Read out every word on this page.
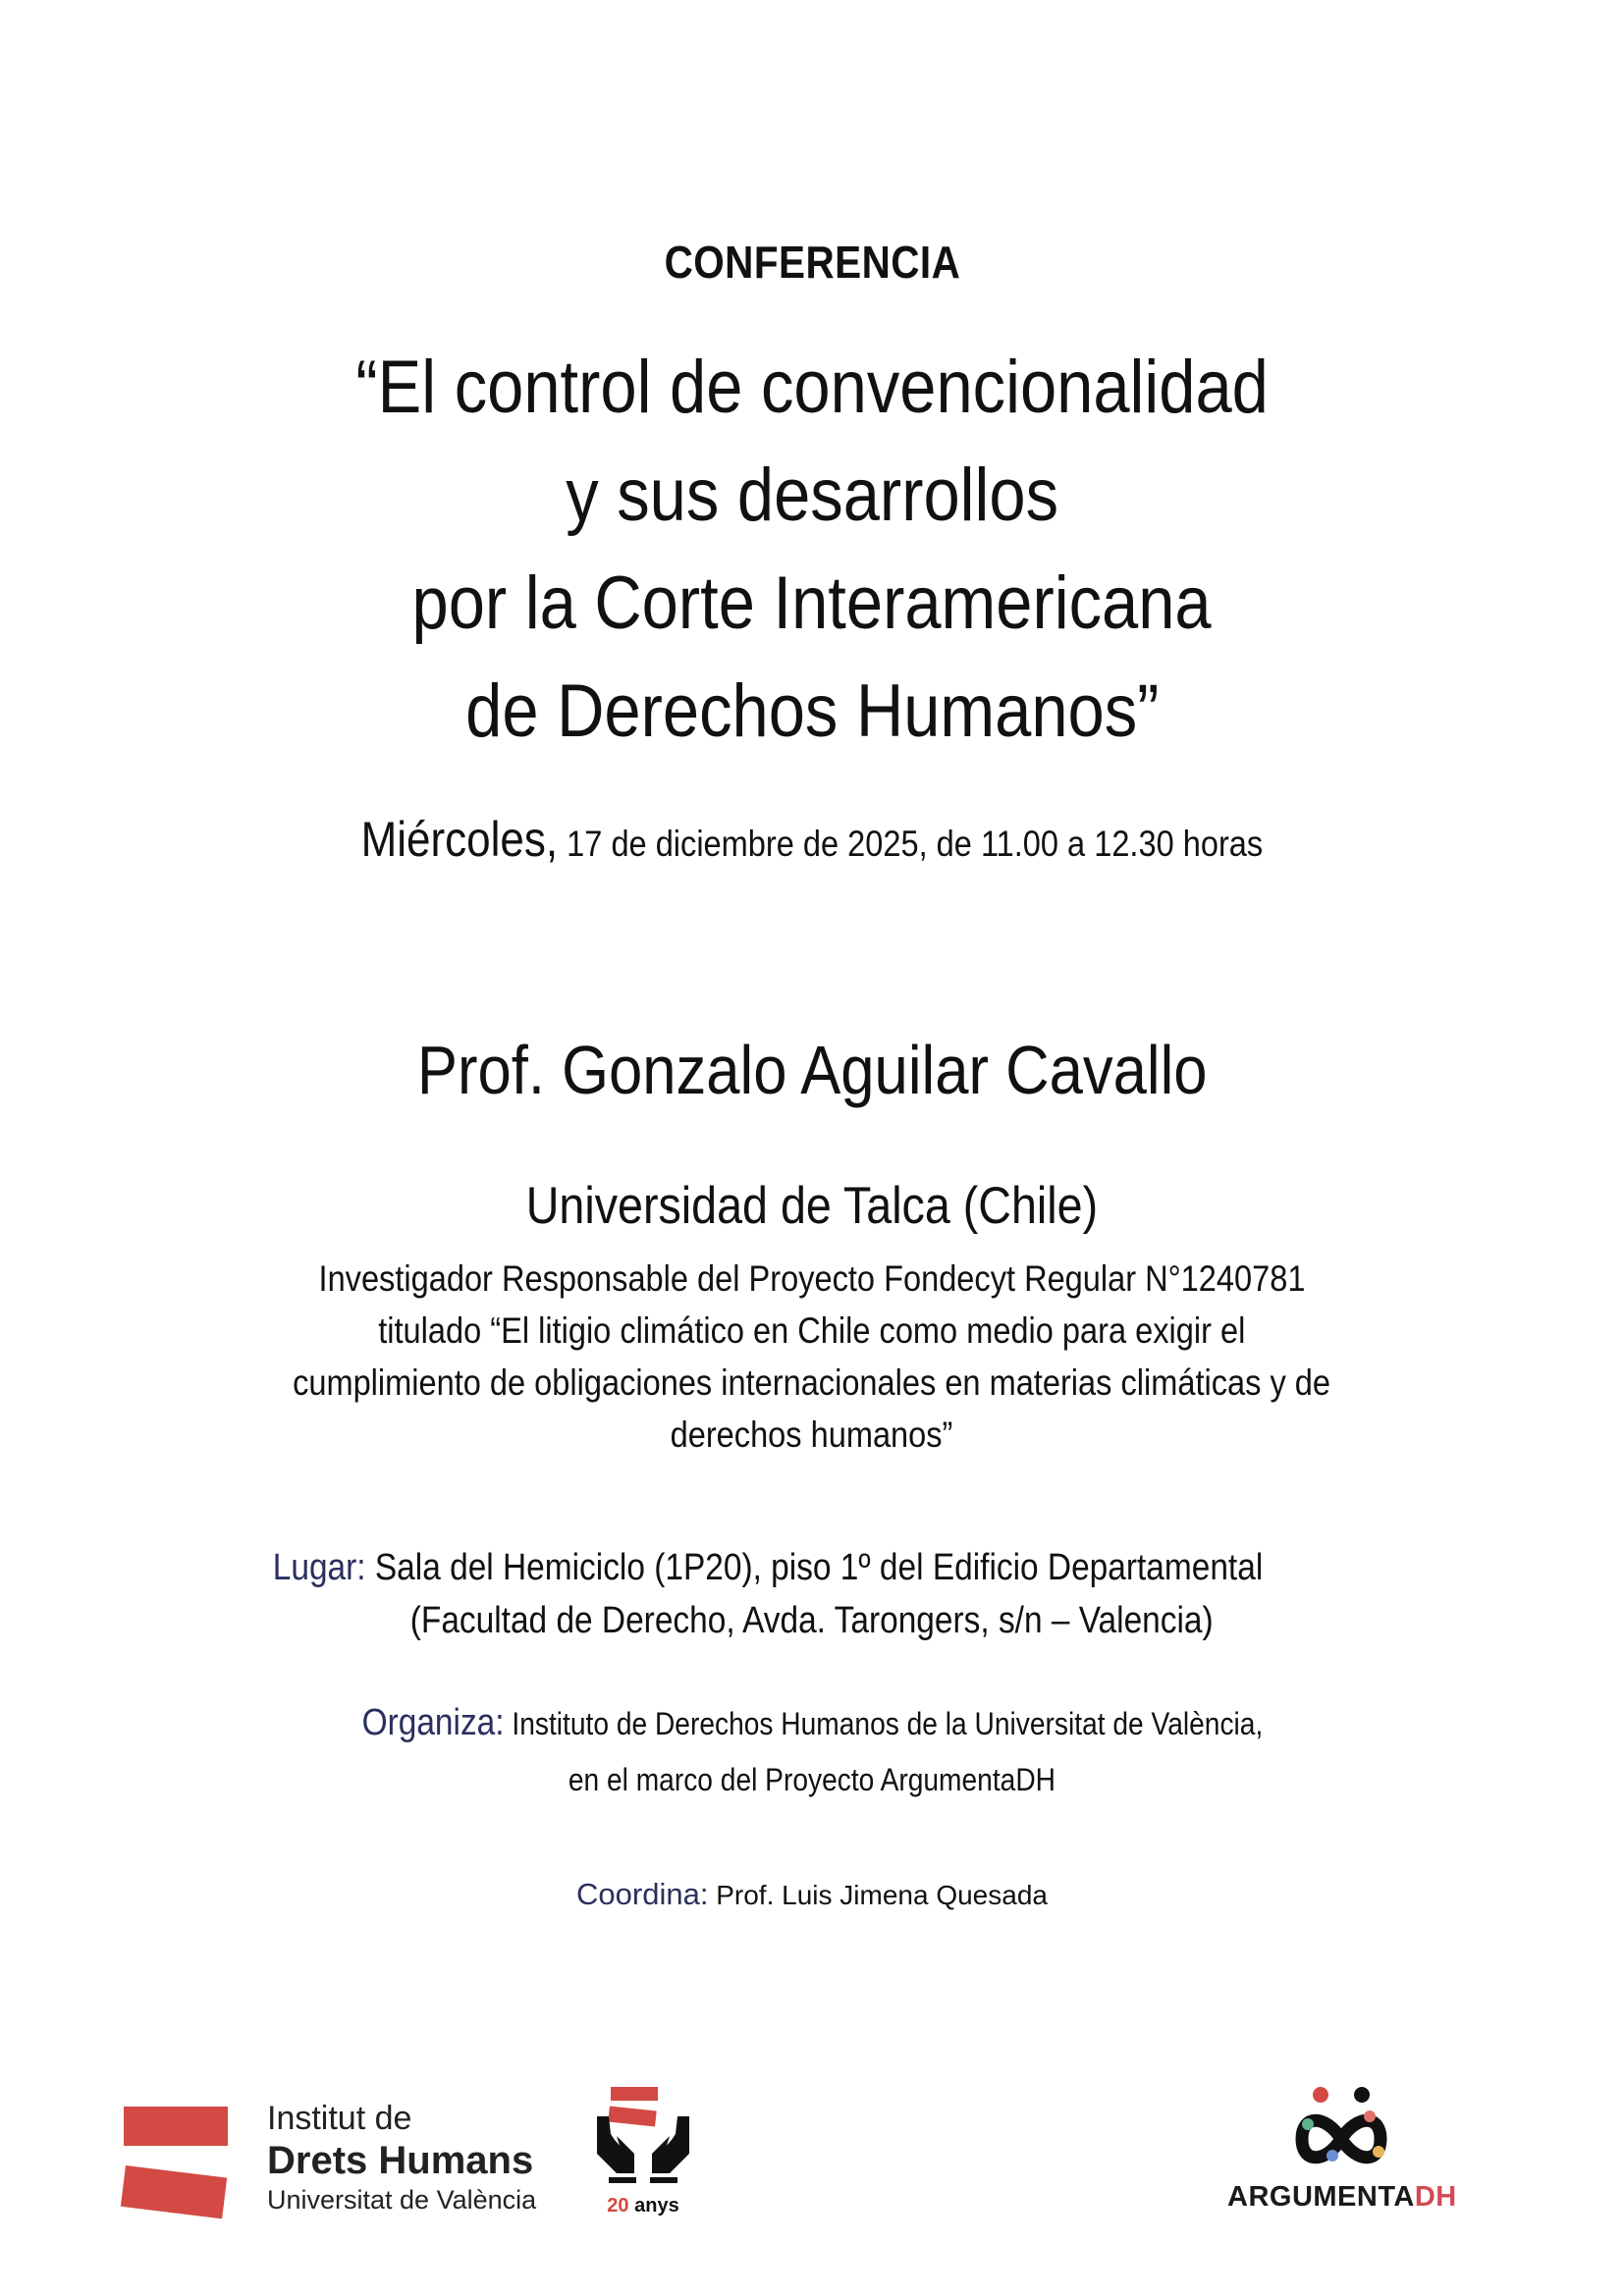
CONFERENCIA
“El control de convencionalidad
y sus desarrollos
por la Corte Interamericana
de Derechos Humanos”
Miércoles, 17 de diciembre de 2025, de 11.00 a 12.30 horas
Prof. Gonzalo Aguilar Cavallo
Universidad de Talca (Chile)
Investigador Responsable del Proyecto Fondecyt Regular N°1240781
titulado “El litigio climático en Chile como medio para exigir el
cumplimiento de obligaciones internacionales en materias climáticas y de
derechos humanos”
Lugar: Sala del Hemiciclo (1P20), piso 1º del Edificio Departamental
(Facultad de Derecho, Avda. Tarongers, s/n – Valencia)
Organiza: Instituto de Derechos Humanos de la Universitat de València,
en el marco del Proyecto ArgumentaDH
Coordina: Prof. Luis Jimena Quesada
Institut de
Drets Humans
Universitat de València	20 anys	ARGUMENTADH
